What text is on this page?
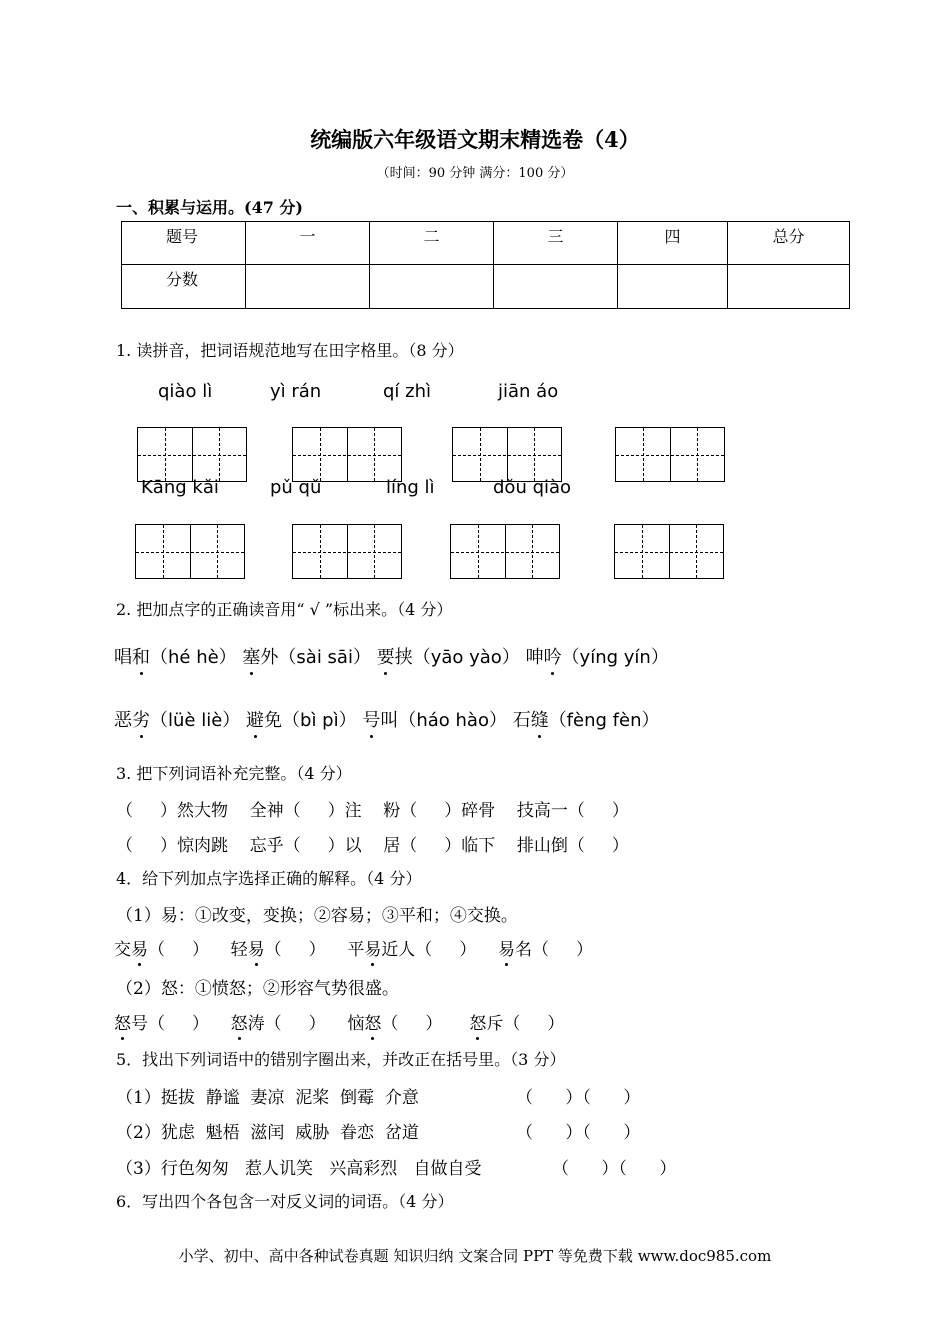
统编版六年级语文期末精选卷（4）
（时间：90 分钟 满分：100 分）
一、积累与运用。(47 分)
题号	一	二	三	四	总分
分数					
1. 读拼音，把词语规范地写在田字格里。（8 分）
qiào lì	yì rán	qí zhì	jiān áo
Kāng kǎi	pǔ qǔ	líng lì	dǒu qiào
2. 把加点字的正确读音用“ √ ”标出来。（4 分）
唱和（hé hè） 塞外（sài sāi） 要挟（yāo yào） 呻吟（yíng yín）
恶劣（lüè liè） 避免（bì pì） 号叫（háo hào） 石缝（fèng fèn）
3. 把下列词语补充完整。（4 分）
（     ）然大物    全神（     ）注    粉（     ）碎骨    技高一（     ）
（     ）惊肉跳    忘乎（     ）以    居（     ）临下    排山倒（     ）
4．给下列加点字选择正确的解释。（4 分）
（1）易：①改变，变换；②容易；③平和；④交换。
交易（     ） 轻易（     ） 平易近人（     ） 易名（     ）
（2）怒：①愤怒；②形容气势很盛。
怒号（     ） 怒涛（     ） 恼怒（     ） 怒斥（     ）
5．找出下列词语中的错别字圈出来，并改正在括号里。（3 分）
（1）挺拔  静谧  妻凉  泥桨  倒霉  介意	（      ）（      ）
（2）犹虑  魁梧  滋闰  威胁  眷恋  岔道	（      ）（      ）
（3）行色匆匆   惹人讥笑   兴高彩烈   自做自受	（      ）（      ）
6．写出四个各包含一对反义词的词语。（4 分）
小学、初中、高中各种试卷真题 知识归纳 文案合同 PPT 等免费下载 www.doc985.com
